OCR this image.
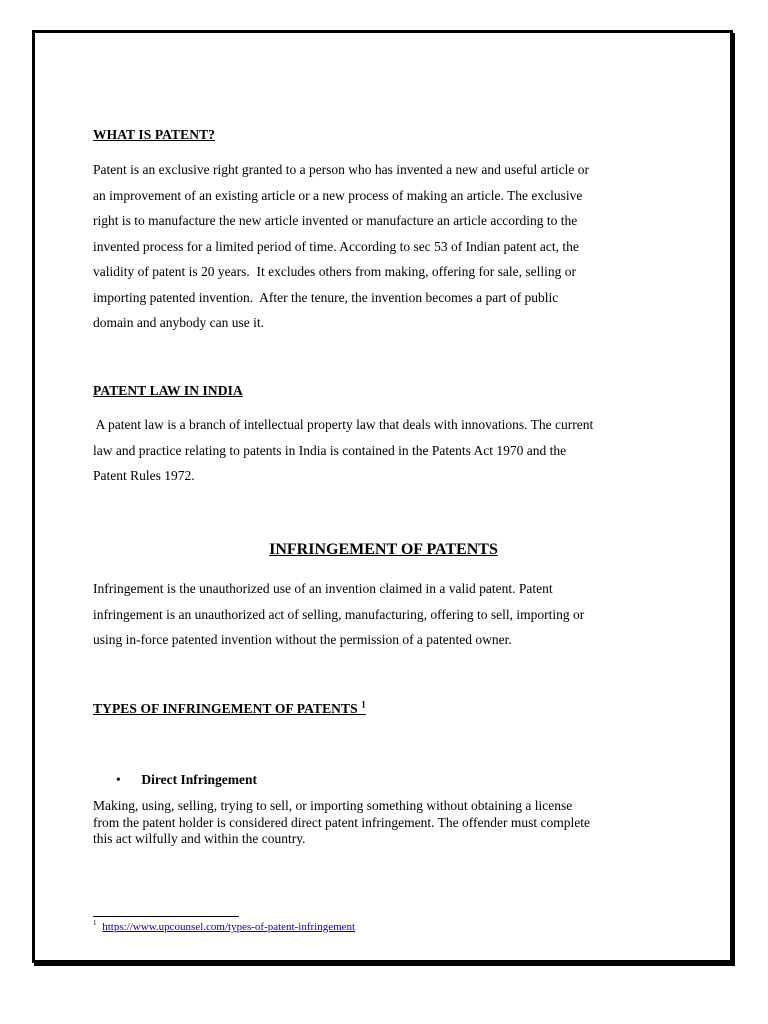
WHAT IS PATENT?
Patent is an exclusive right granted to a person who has invented a new and useful article or
an improvement of an existing article or a new process of making an article. The exclusive
right is to manufacture the new article invented or manufacture an article according to the
invented process for a limited period of time. According to sec 53 of Indian patent act, the
validity of patent is 20 years.  It excludes others from making, offering for sale, selling or
importing patented invention.  After the tenure, the invention becomes a part of public
domain and anybody can use it.
PATENT LAW IN INDIA
A patent law is a branch of intellectual property law that deals with innovations. The current
law and practice relating to patents in India is contained in the Patents Act 1970 and the
Patent Rules 1972.
INFRINGEMENT OF PATENTS
Infringement is the unauthorized use of an invention claimed in a valid patent. Patent
infringement is an unauthorized act of selling, manufacturing, offering to sell, importing or
using in-force patented invention without the permission of a patented owner.
TYPES OF INFRINGEMENT OF PATENTS $^1$
• Direct Infringement
Making, using, selling, trying to sell, or importing something without obtaining a license
from the patent holder is considered direct patent infringement. The offender must complete
this act wilfully and within the country.
$^1$ https://www.upcounsel.com/types-of-patent-infringement
